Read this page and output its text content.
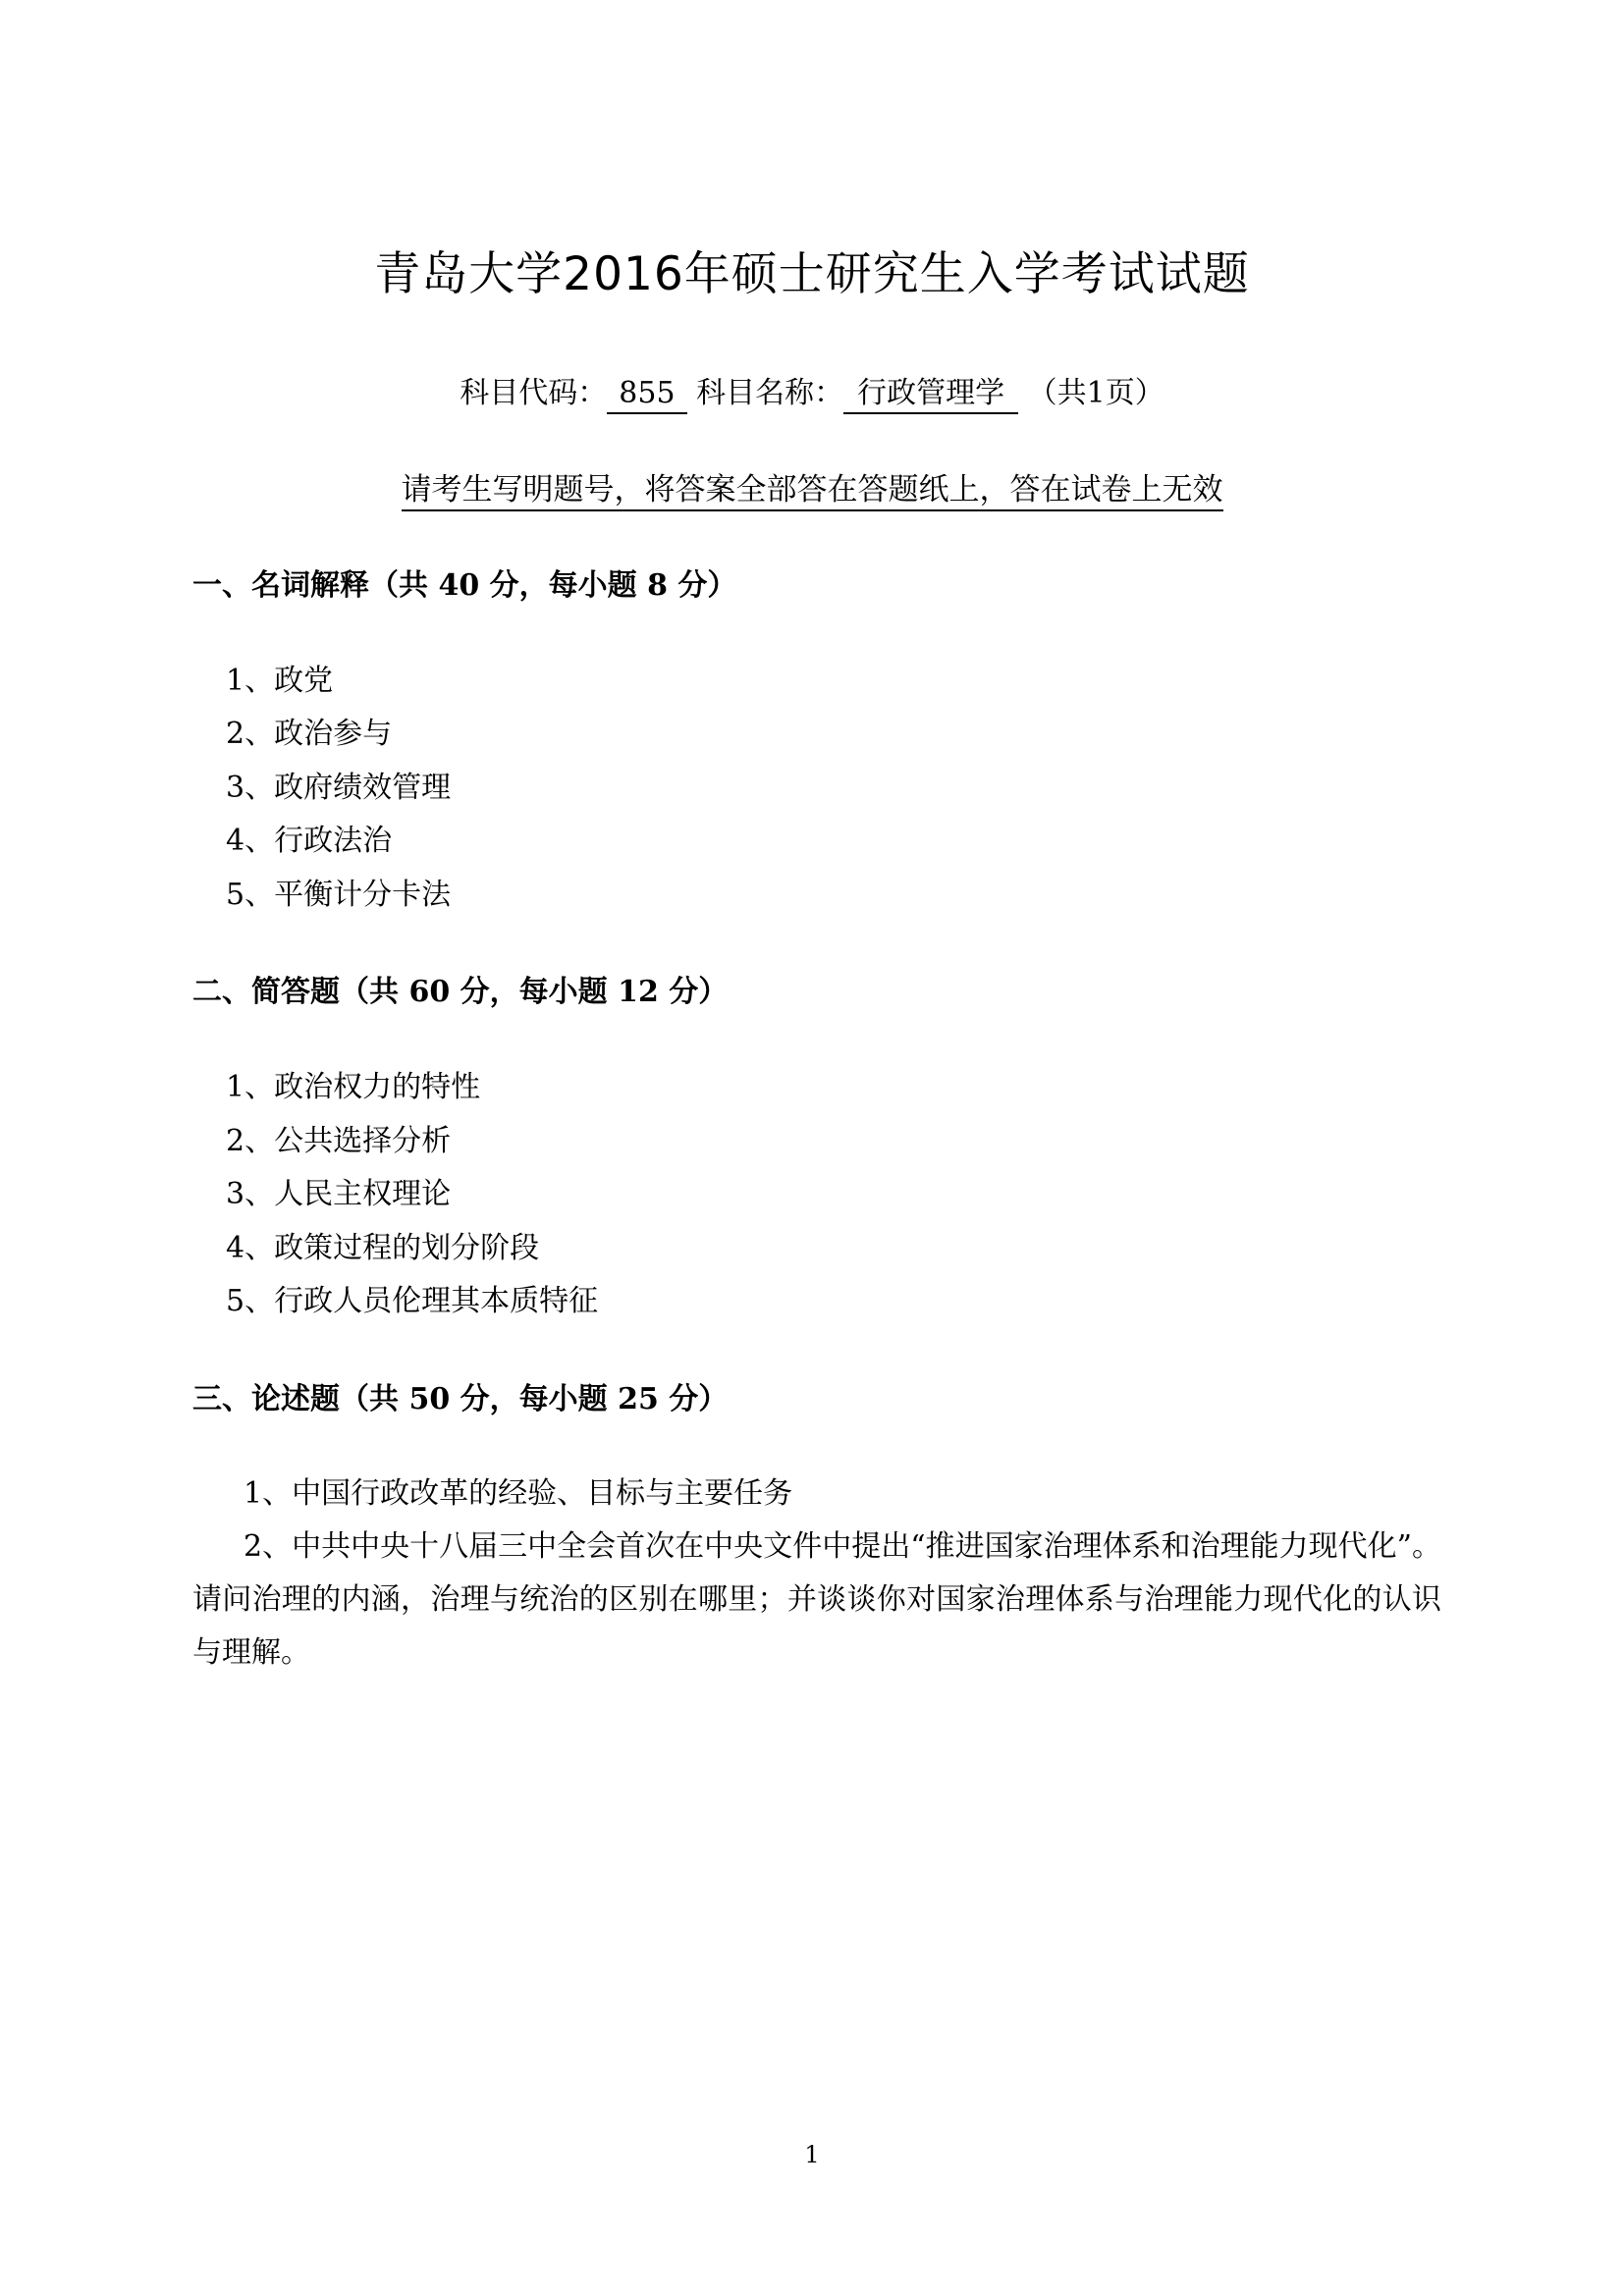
青岛大学2016年硕士研究生入学考试试题
科目代码： 855 科目名称： 行政管理学 （共1页）
请考生写明题号，将答案全部答在答题纸上，答在试卷上无效
一、名词解释（共 40 分，每小题 8 分）
1、政党
2、政治参与
3、政府绩效管理
4、行政法治
5、平衡计分卡法
二、简答题（共 60 分，每小题 12 分）
1、政治权力的特性
2、公共选择分析
3、人民主权理论
4、政策过程的划分阶段
5、行政人员伦理其本质特征
三、论述题（共 50 分，每小题 25 分）

1、中国行政改革的经验、目标与主要任务

2、中共中央十八届三中全会首次在中央文件中提出“推进国家治理体系和治理能力现代化”。请问治理的内涵，治理与统治的区别在哪里；并谈谈你对国家治理体系与治理能力现代化的认识与理解。

1
